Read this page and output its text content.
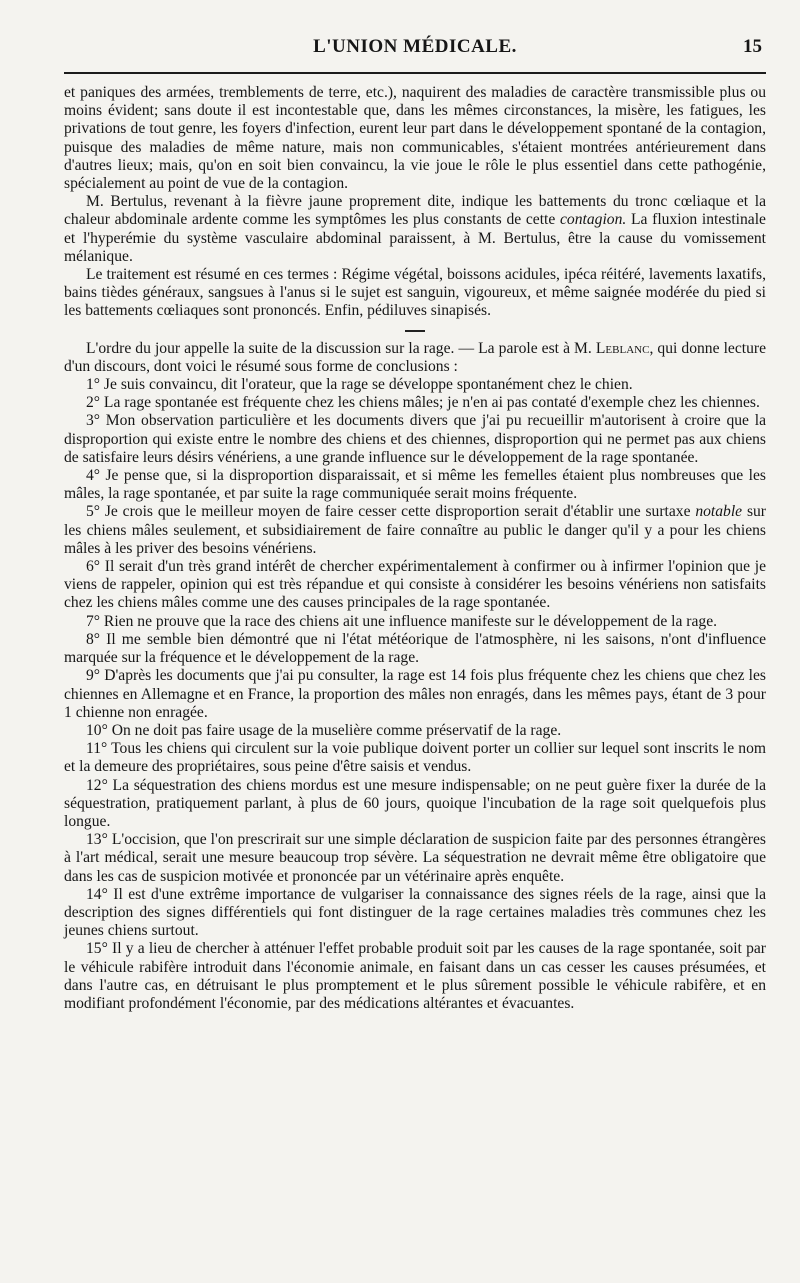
L'UNION MÉDICALE.	15

et paniques des armées, tremblements de terre, etc.), naquirent des maladies de caractère transmissible plus ou moins évident; sans doute il est incontestable que, dans les mêmes circonstances, la misère, les fatigues, les privations de tout genre, les foyers d'infection, eurent leur part dans le développement spontané de la contagion, puisque des maladies de même nature, mais non communicables, s'étaient montrées antérieurement dans d'autres lieux; mais, qu'on en soit bien convaincu, la vie joue le rôle le plus essentiel dans cette pathogénie, spécialement au point de vue de la contagion.

M. Bertulus, revenant à la fièvre jaune proprement dite, indique les battements du tronc cœliaque et la chaleur abdominale ardente comme les symptômes les plus constants de cette contagion. La fluxion intestinale et l'hyperémie du système vasculaire abdominal paraissent, à M. Bertulus, être la cause du vomissement mélanique.

Le traitement est résumé en ces termes : Régime végétal, boissons acidules, ipéca réitéré, lavements laxatifs, bains tièdes généraux, sangsues à l'anus si le sujet est sanguin, vigoureux, et même saignée modérée du pied si les battements cœliaques sont prononcés. Enfin, pédiluves sinapisés.

L'ordre du jour appelle la suite de la discussion sur la rage. — La parole est à M. Leblanc, qui donne lecture d'un discours, dont voici le résumé sous forme de conclusions :

1° Je suis convaincu, dit l'orateur, que la rage se développe spontanément chez le chien.

2° La rage spontanée est fréquente chez les chiens mâles; je n'en ai pas contaté d'exemple chez les chiennes.

3° Mon observation particulière et les documents divers que j'ai pu recueillir m'autorisent à croire que la disproportion qui existe entre le nombre des chiens et des chiennes, disproportion qui ne permet pas aux chiens de satisfaire leurs désirs vénériens, a une grande influence sur le développement de la rage spontanée.

4° Je pense que, si la disproportion disparaissait, et si même les femelles étaient plus nombreuses que les mâles, la rage spontanée, et par suite la rage communiquée serait moins fréquente.

5° Je crois que le meilleur moyen de faire cesser cette disproportion serait d'établir une surtaxe notable sur les chiens mâles seulement, et subsidiairement de faire connaître au public le danger qu'il y a pour les chiens mâles à les priver des besoins vénériens.

6° Il serait d'un très grand intérêt de chercher expérimentalement à confirmer ou à infirmer l'opinion que je viens de rappeler, opinion qui est très répandue et qui consiste à considérer les besoins vénériens non satisfaits chez les chiens mâles comme une des causes principales de la rage spontanée.

7° Rien ne prouve que la race des chiens ait une influence manifeste sur le développement de la rage.

8° Il me semble bien démontré que ni l'état météorique de l'atmosphère, ni les saisons, n'ont d'influence marquée sur la fréquence et le développement de la rage.

9° D'après les documents que j'ai pu consulter, la rage est 14 fois plus fréquente chez les chiens que chez les chiennes en Allemagne et en France, la proportion des mâles non enragés, dans les mêmes pays, étant de 3 pour 1 chienne non enragée.

10° On ne doit pas faire usage de la muselière comme préservatif de la rage.

11° Tous les chiens qui circulent sur la voie publique doivent porter un collier sur lequel sont inscrits le nom et la demeure des propriétaires, sous peine d'être saisis et vendus.

12° La séquestration des chiens mordus est une mesure indispensable; on ne peut guère fixer la durée de la séquestration, pratiquement parlant, à plus de 60 jours, quoique l'incubation de la rage soit quelquefois plus longue.

13° L'occision, que l'on prescrirait sur une simple déclaration de suspicion faite par des personnes étrangères à l'art médical, serait une mesure beaucoup trop sévère. La séquestration ne devrait même être obligatoire que dans les cas de suspicion motivée et prononcée par un vétérinaire après enquête.

14° Il est d'une extrême importance de vulgariser la connaissance des signes réels de la rage, ainsi que la description des signes différentiels qui font distinguer de la rage certaines maladies très communes chez les jeunes chiens surtout.

15° Il y a lieu de chercher à atténuer l'effet probable produit soit par les causes de la rage spontanée, soit par le véhicule rabifère introduit dans l'économie animale, en faisant dans un cas cesser les causes présumées, et dans l'autre cas, en détruisant le plus promptement et le plus sûrement possible le véhicule rabifère, et en modifiant profondément l'économie, par des médications altérantes et évacuantes.
